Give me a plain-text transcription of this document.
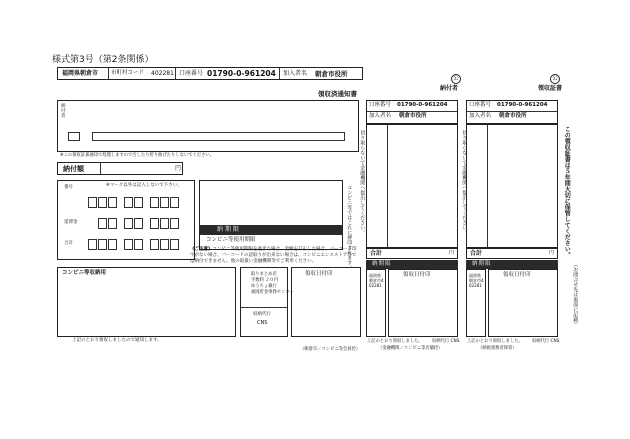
様式第3号（第2条関係）
福岡県朝倉市 市町村コード 402281 口座番号 01790-0-961204 加入者名 朝倉市役所
公	公
納付者	領収証書
領収済通知書
納付者
※この領収証兼通知で処理しますので汚したり折り曲げたりしないでください。
納付額	円
番号	※マーク以外は記入しないで下さい。
延滞金
合計
納期限
コンビニ等使用期限	コンビニ等ではこれに押印されます。
《ご注意》コンビニ等使用期限を過ぎた場合、金額を訂正した場合、バーコード印字がない場合、バーコードの読取りが出来ない場合は、コンビニエンスストア等では納付できません。他の取扱い金融機関等でご利用ください。
コンビニ等収納用	取りまとめ店
手数料 ２０円
ゆうちょ銀行
福岡貯金事務センター
収納代行
CNS
領収日付印
上記のとおり領収しましたので通知します。
（朝倉市／コンビニ等会員控）
切り取らないで金融機関へ提出してください。	切り取らないで金融機関へ提出してください。
口座番号 01790-0-961204
加入者名 朝倉市役所
合計	円
納期限
福岡県朝倉市402281
領収日付印
上記のとおり領収しました。 収納代行 CNS
（金融機関／コンビニ等店舗控）
口座番号 01790-0-961204
加入者名 朝倉市役所
合計	円
納期限
福岡県朝倉市402281
領収日付印
上記のとおり領収しました。 収納代行 CNS
（納税義務者保管）
この領収証書は５年間大切に保管してください。
（お問合せ先は裏面に記載）
